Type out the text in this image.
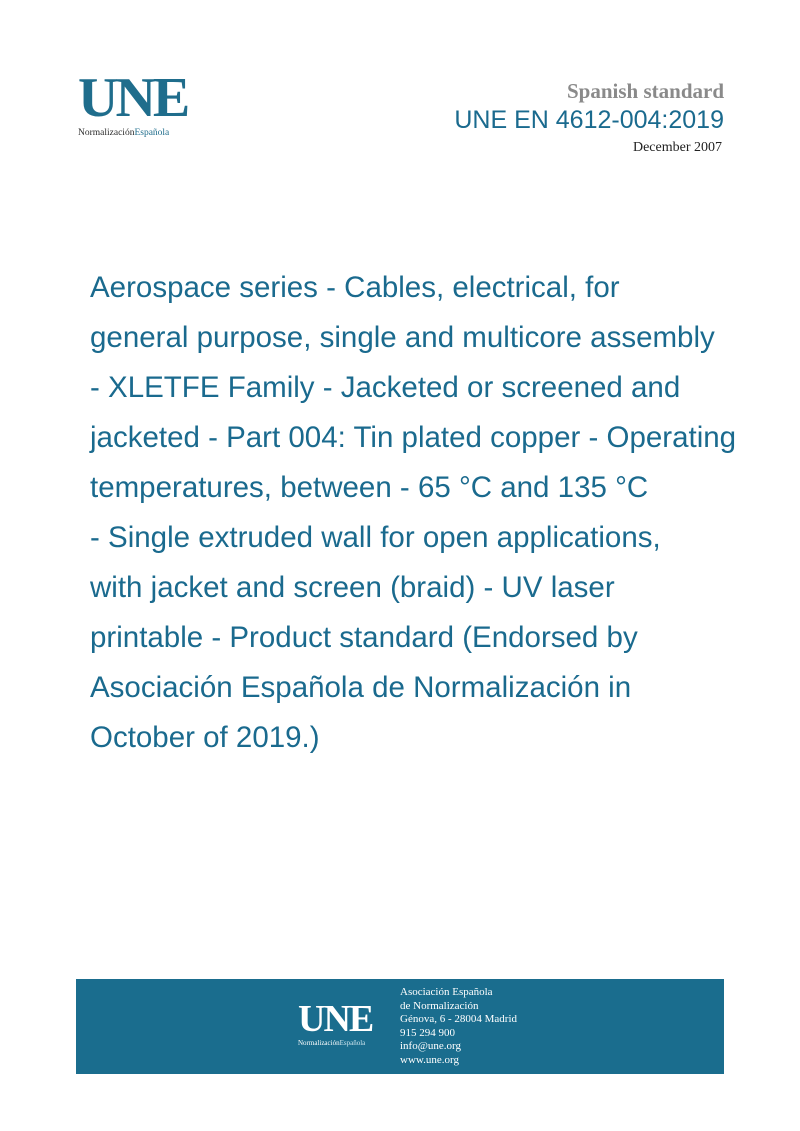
UNE
NormalizaciónEspañola
Spanish standard
UNE EN 4612-004:2019
December 2007
Aerospace series - Cables, electrical, for
general purpose, single and multicore assembly
- XLETFE Family - Jacketed or screened and
jacketed - Part 004: Tin plated copper - Operating
temperatures, between - 65 °C and 135 °C
- Single extruded wall for open applications,
with jacket and screen (braid) - UV laser
printable - Product standard (Endorsed by
Asociación Española de Normalización in
October of 2019.)
UNE
NormalizaciónEspañola
Asociación Española
de Normalización
Génova, 6 - 28004 Madrid
915 294 900
info@une.org
www.une.org
